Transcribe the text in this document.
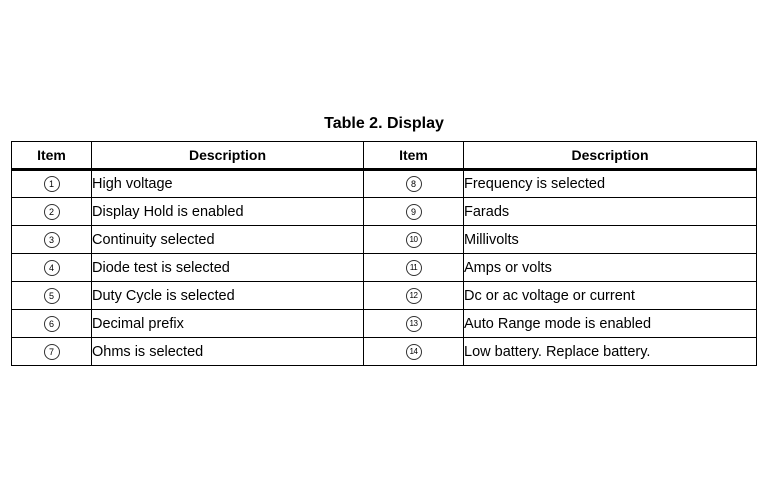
Table 2. Display
Item	Description	Item	Description
1	High voltage	8	Frequency is selected
2	Display Hold is enabled	9	Farads
3	Continuity selected	10	Millivolts
4	Diode test is selected	11	Amps or volts
5	Duty Cycle is selected	12	Dc or ac voltage or current
6	Decimal prefix	13	Auto Range mode is enabled
7	Ohms is selected	14	Low battery. Replace battery.
